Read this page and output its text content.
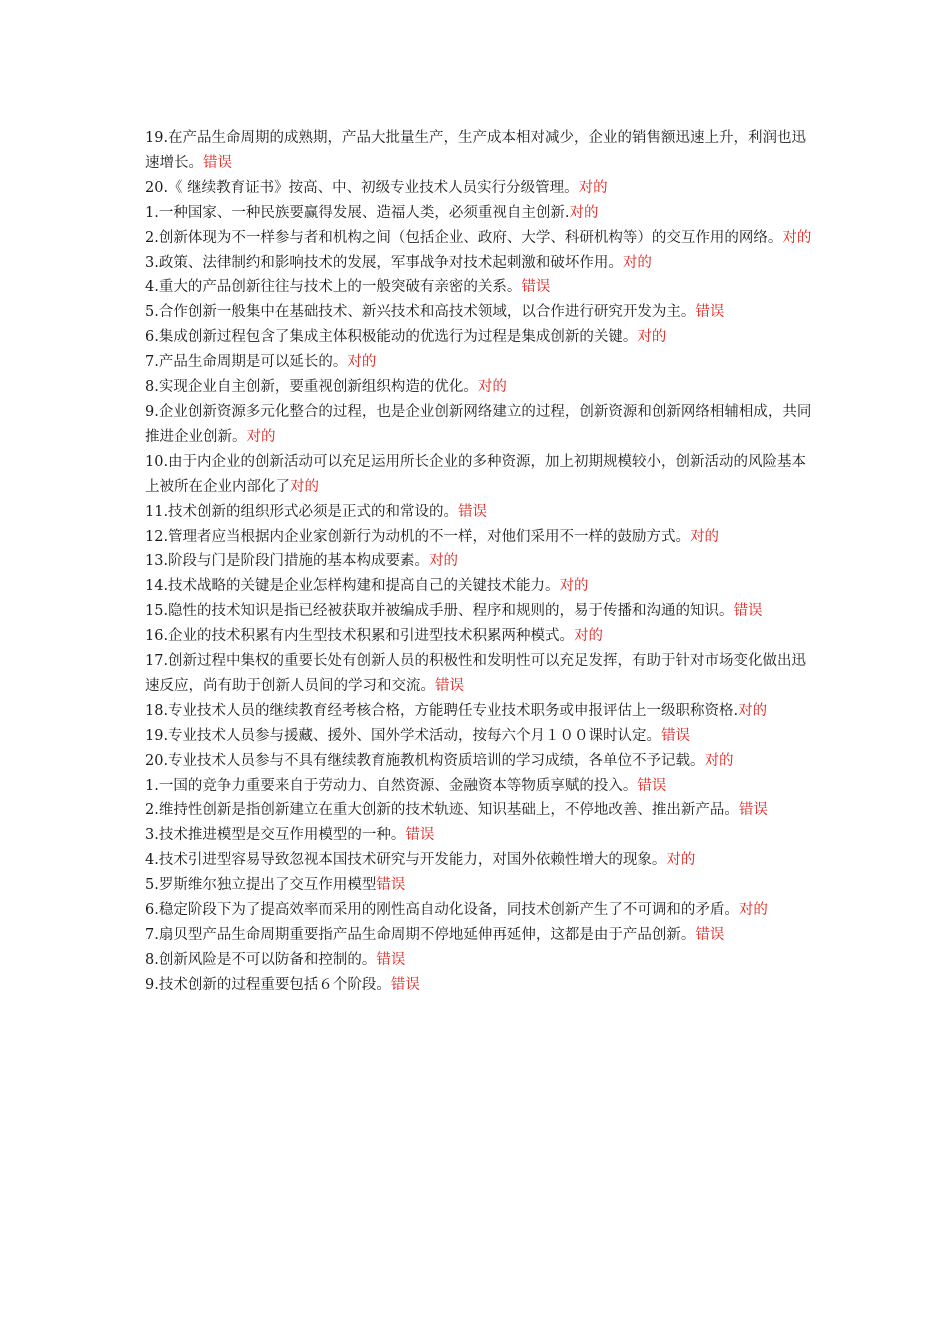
19.在产品生命周期的成熟期，产品大批量生产，生产成本相对减少，企业的销售额迅速上升，利润也迅速增长。错误

20.《 继续教育证书》按高、中、初级专业技术人员实行分级管理。对的

1.一种国家、一种民族要赢得发展、造福人类，必须重视自主创新.对的

2.创新体现为不一样参与者和机构之间（包括企业、政府、大学、科研机构等）的交互作用的网络。对的

3.政策、法律制约和影响技术的发展，军事战争对技术起刺激和破坏作用。对的

4.重大的产品创新往往与技术上的一般突破有亲密的关系。错误

5.合作创新一般集中在基础技术、新兴技术和高技术领域，以合作进行研究开发为主。错误

6.集成创新过程包含了集成主体积极能动的优选行为过程是集成创新的关键。对的

7.产品生命周期是可以延长的。对的

8.实现企业自主创新，要重视创新组织构造的优化。对的

9.企业创新资源多元化整合的过程，也是企业创新网络建立的过程，创新资源和创新网络相辅相成，共同推进企业创新。对的

10.由于内企业的创新活动可以充足运用所长企业的多种资源，加上初期规模较小，创新活动的风险基本上被所在企业内部化了对的

11.技术创新的组织形式必须是正式的和常设的。错误

12.管理者应当根据内企业家创新行为动机的不一样，对他们采用不一样的鼓励方式。对的

13.阶段与门是阶段门措施的基本构成要素。对的

14.技术战略的关键是企业怎样构建和提高自己的关键技术能力。对的

15.隐性的技术知识是指已经被获取并被编成手册、程序和规则的，易于传播和沟通的知识。错误

16.企业的技术积累有内生型技术积累和引进型技术积累两种模式。对的

17.创新过程中集权的重要长处有创新人员的积极性和发明性可以充足发挥，有助于针对市场变化做出迅速反应，尚有助于创新人员间的学习和交流。错误

18.专业技术人员的继续教育经考核合格，方能聘任专业技术职务或申报评估上一级职称资格.对的

19.专业技术人员参与援藏、援外、国外学术活动，按每六个月１００课时认定。错误

20.专业技术人员参与不具有继续教育施教机构资质培训的学习成绩，各单位不予记载。对的

1.一国的竞争力重要来自于劳动力、自然资源、金融资本等物质享赋的投入。错误

2.维持性创新是指创新建立在重大创新的技术轨迹、知识基础上，不停地改善、推出新产品。错误

3.技术推进模型是交互作用模型的一种。错误

4.技术引进型容易导致忽视本国技术研究与开发能力，对国外依赖性增大的现象。对的

5.罗斯维尔独立提出了交互作用模型错误

6.稳定阶段下为了提高效率而采用的刚性高自动化设备，同技术创新产生了不可调和的矛盾。对的

7.扇贝型产品生命周期重要指产品生命周期不停地延伸再延伸，这都是由于产品创新。错误

8.创新风险是不可以防备和控制的。错误

9.技术创新的过程重要包括６个阶段。错误
